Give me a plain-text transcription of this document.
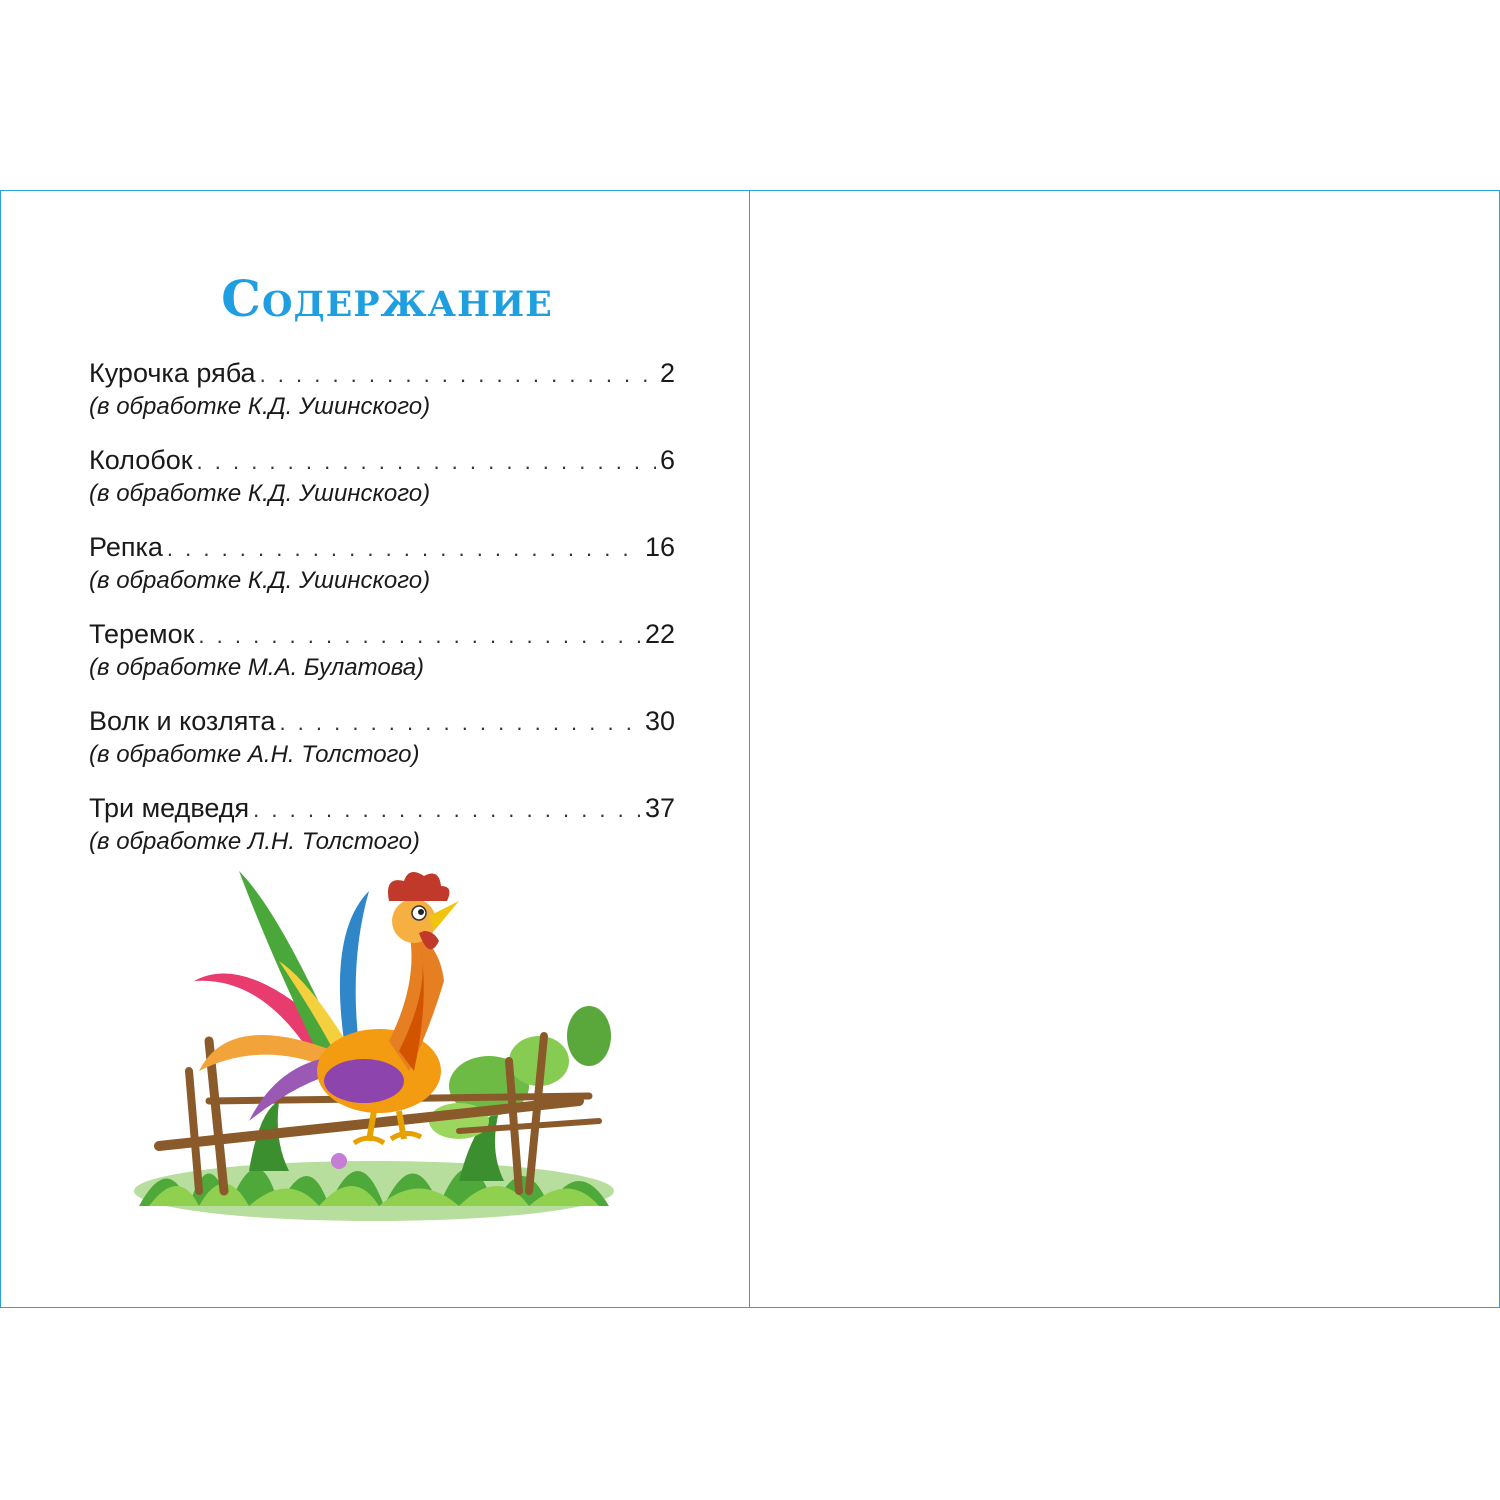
Содержание
Курочка ряба . . .	2
(в обработке К.Д. Ушинского)
Колобок . . .	6
(в обработке К.Д. Ушинского)
Репка . . .	16
(в обработке К.Д. Ушинского)
Теремок . . .	22
(в обработке М.А. Булатова)
Волк и козлята . . .	30
(в обработке А.Н. Толстого)
Три медведя . . .	37
(в обработке Л.Н. Толстого)
